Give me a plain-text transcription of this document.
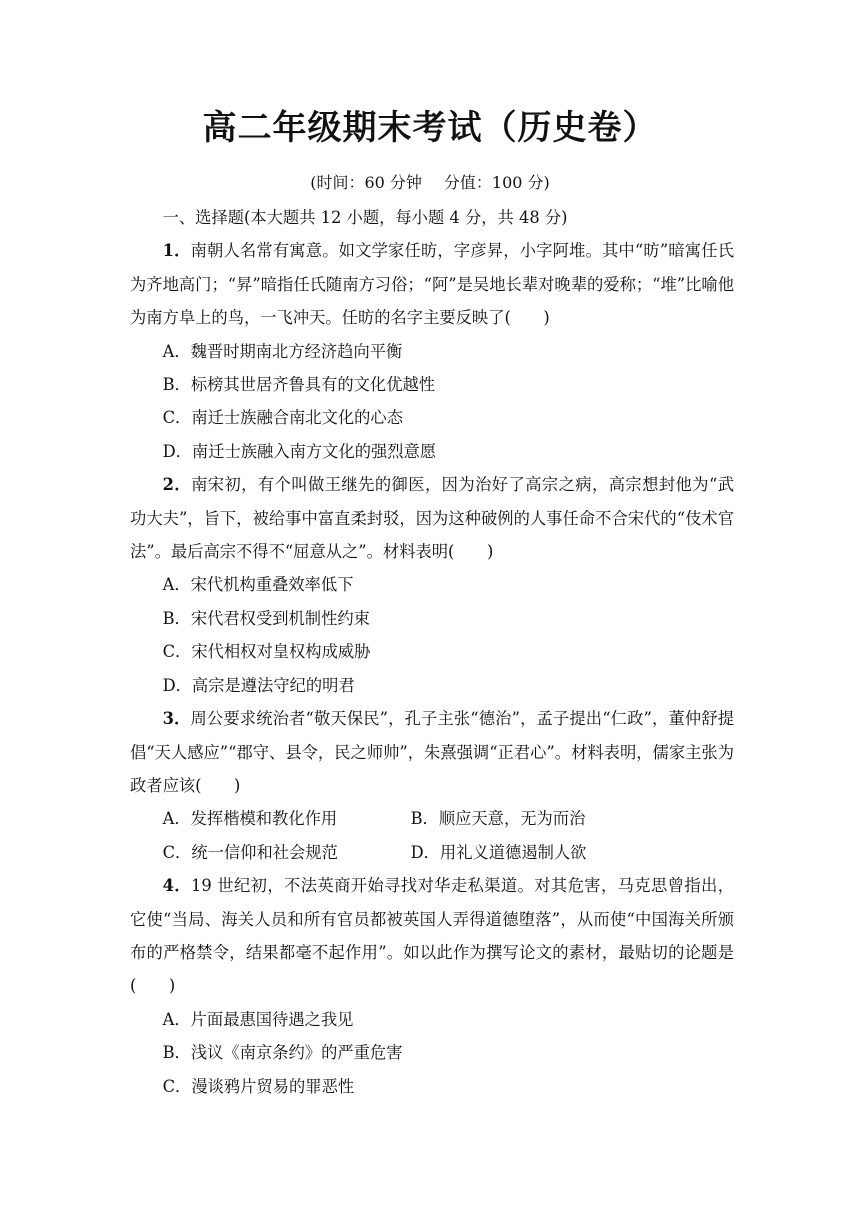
高二年级期末考试（历史卷）
(时间：60 分钟 分值：100 分)
一、选择题(本大题共 12 小题，每小题 4 分，共 48 分)
1．南朝人名常有寓意。如文学家任昉，字彦昇，小字阿堆。其中“昉”暗寓任氏为齐地高门；“昇”暗指任氏随南方习俗；“阿”是吴地长辈对晚辈的爱称；“堆”比喻他为南方阜上的鸟，一飞冲天。任昉的名字主要反映了(　　)
A．魏晋时期南北方经济趋向平衡
B．标榜其世居齐鲁具有的文化优越性
C．南迁士族融合南北文化的心态
D．南迁士族融入南方文化的强烈意愿
2．南宋初，有个叫做王继先的御医，因为治好了高宗之病，高宗想封他为“武功大夫”，旨下，被给事中富直柔封驳，因为这种破例的人事任命不合宋代的“伎术官法”。最后高宗不得不“屈意从之”。材料表明(　　)
A．宋代机构重叠效率低下
B．宋代君权受到机制性约束
C．宋代相权对皇权构成威胁
D．高宗是遵法守纪的明君
3．周公要求统治者“敬天保民”，孔子主张“德治”，孟子提出“仁政”，董仲舒提倡“天人感应”“郡守、县令，民之师帅”，朱熹强调“正君心”。材料表明，儒家主张为政者应该(　　)
A．发挥楷模和教化作用	B．顺应天意，无为而治
C．统一信仰和社会规范	D．用礼义道德遏制人欲
4．19 世纪初，不法英商开始寻找对华走私渠道。对其危害，马克思曾指出，它使“当局、海关人员和所有官员都被英国人弄得道德堕落”，从而使“中国海关所颁布的严格禁令，结果都毫不起作用”。如以此作为撰写论文的素材，最贴切的论题是(　　)
A．片面最惠国待遇之我见
B．浅议《南京条约》的严重危害
C．漫谈鸦片贸易的罪恶性
